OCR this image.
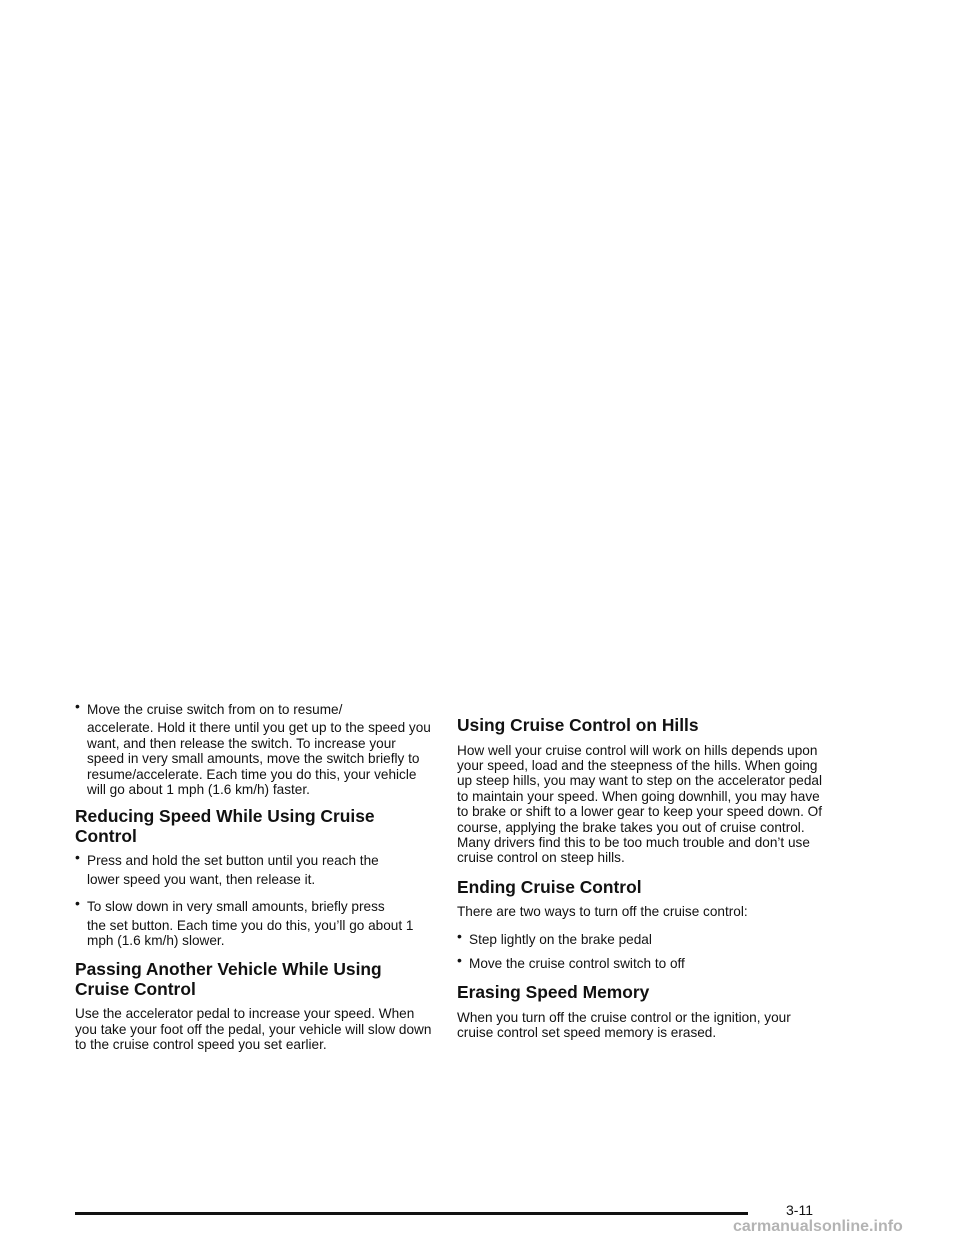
• Move the cruise switch from on to resume/
accelerate. Hold it there until you get up to the speed you want, and then release the switch. To increase your speed in very small amounts, move the switch briefly to resume/accelerate. Each time you do this, your vehicle will go about 1 mph (1.6 km/h) faster.
Reducing Speed While Using Cruise Control
• Press and hold the set button until you reach the
lower speed you want, then release it.
• To slow down in very small amounts, briefly press
the set button. Each time you do this, you’ll go about 1 mph (1.6 km/h) slower.
Passing Another Vehicle While Using Cruise Control

Use the accelerator pedal to increase your speed. When you take your foot off the pedal, your vehicle will slow down to the cruise control speed you set earlier.

Using Cruise Control on Hills

How well your cruise control will work on hills depends upon your speed, load and the steepness of the hills. When going up steep hills, you may want to step on the accelerator pedal to maintain your speed. When going downhill, you may have to brake or shift to a lower gear to keep your speed down. Of course, applying the brake takes you out of cruise control. Many drivers find this to be too much trouble and don’t use cruise control on steep hills.

Ending Cruise Control

There are two ways to turn off the cruise control:

• Step lightly on the brake pedal
• Move the cruise control switch to off
Erasing Speed Memory

When you turn off the cruise control or the ignition, your cruise control set speed memory is erased.

3-11
carmanualsonline.info
